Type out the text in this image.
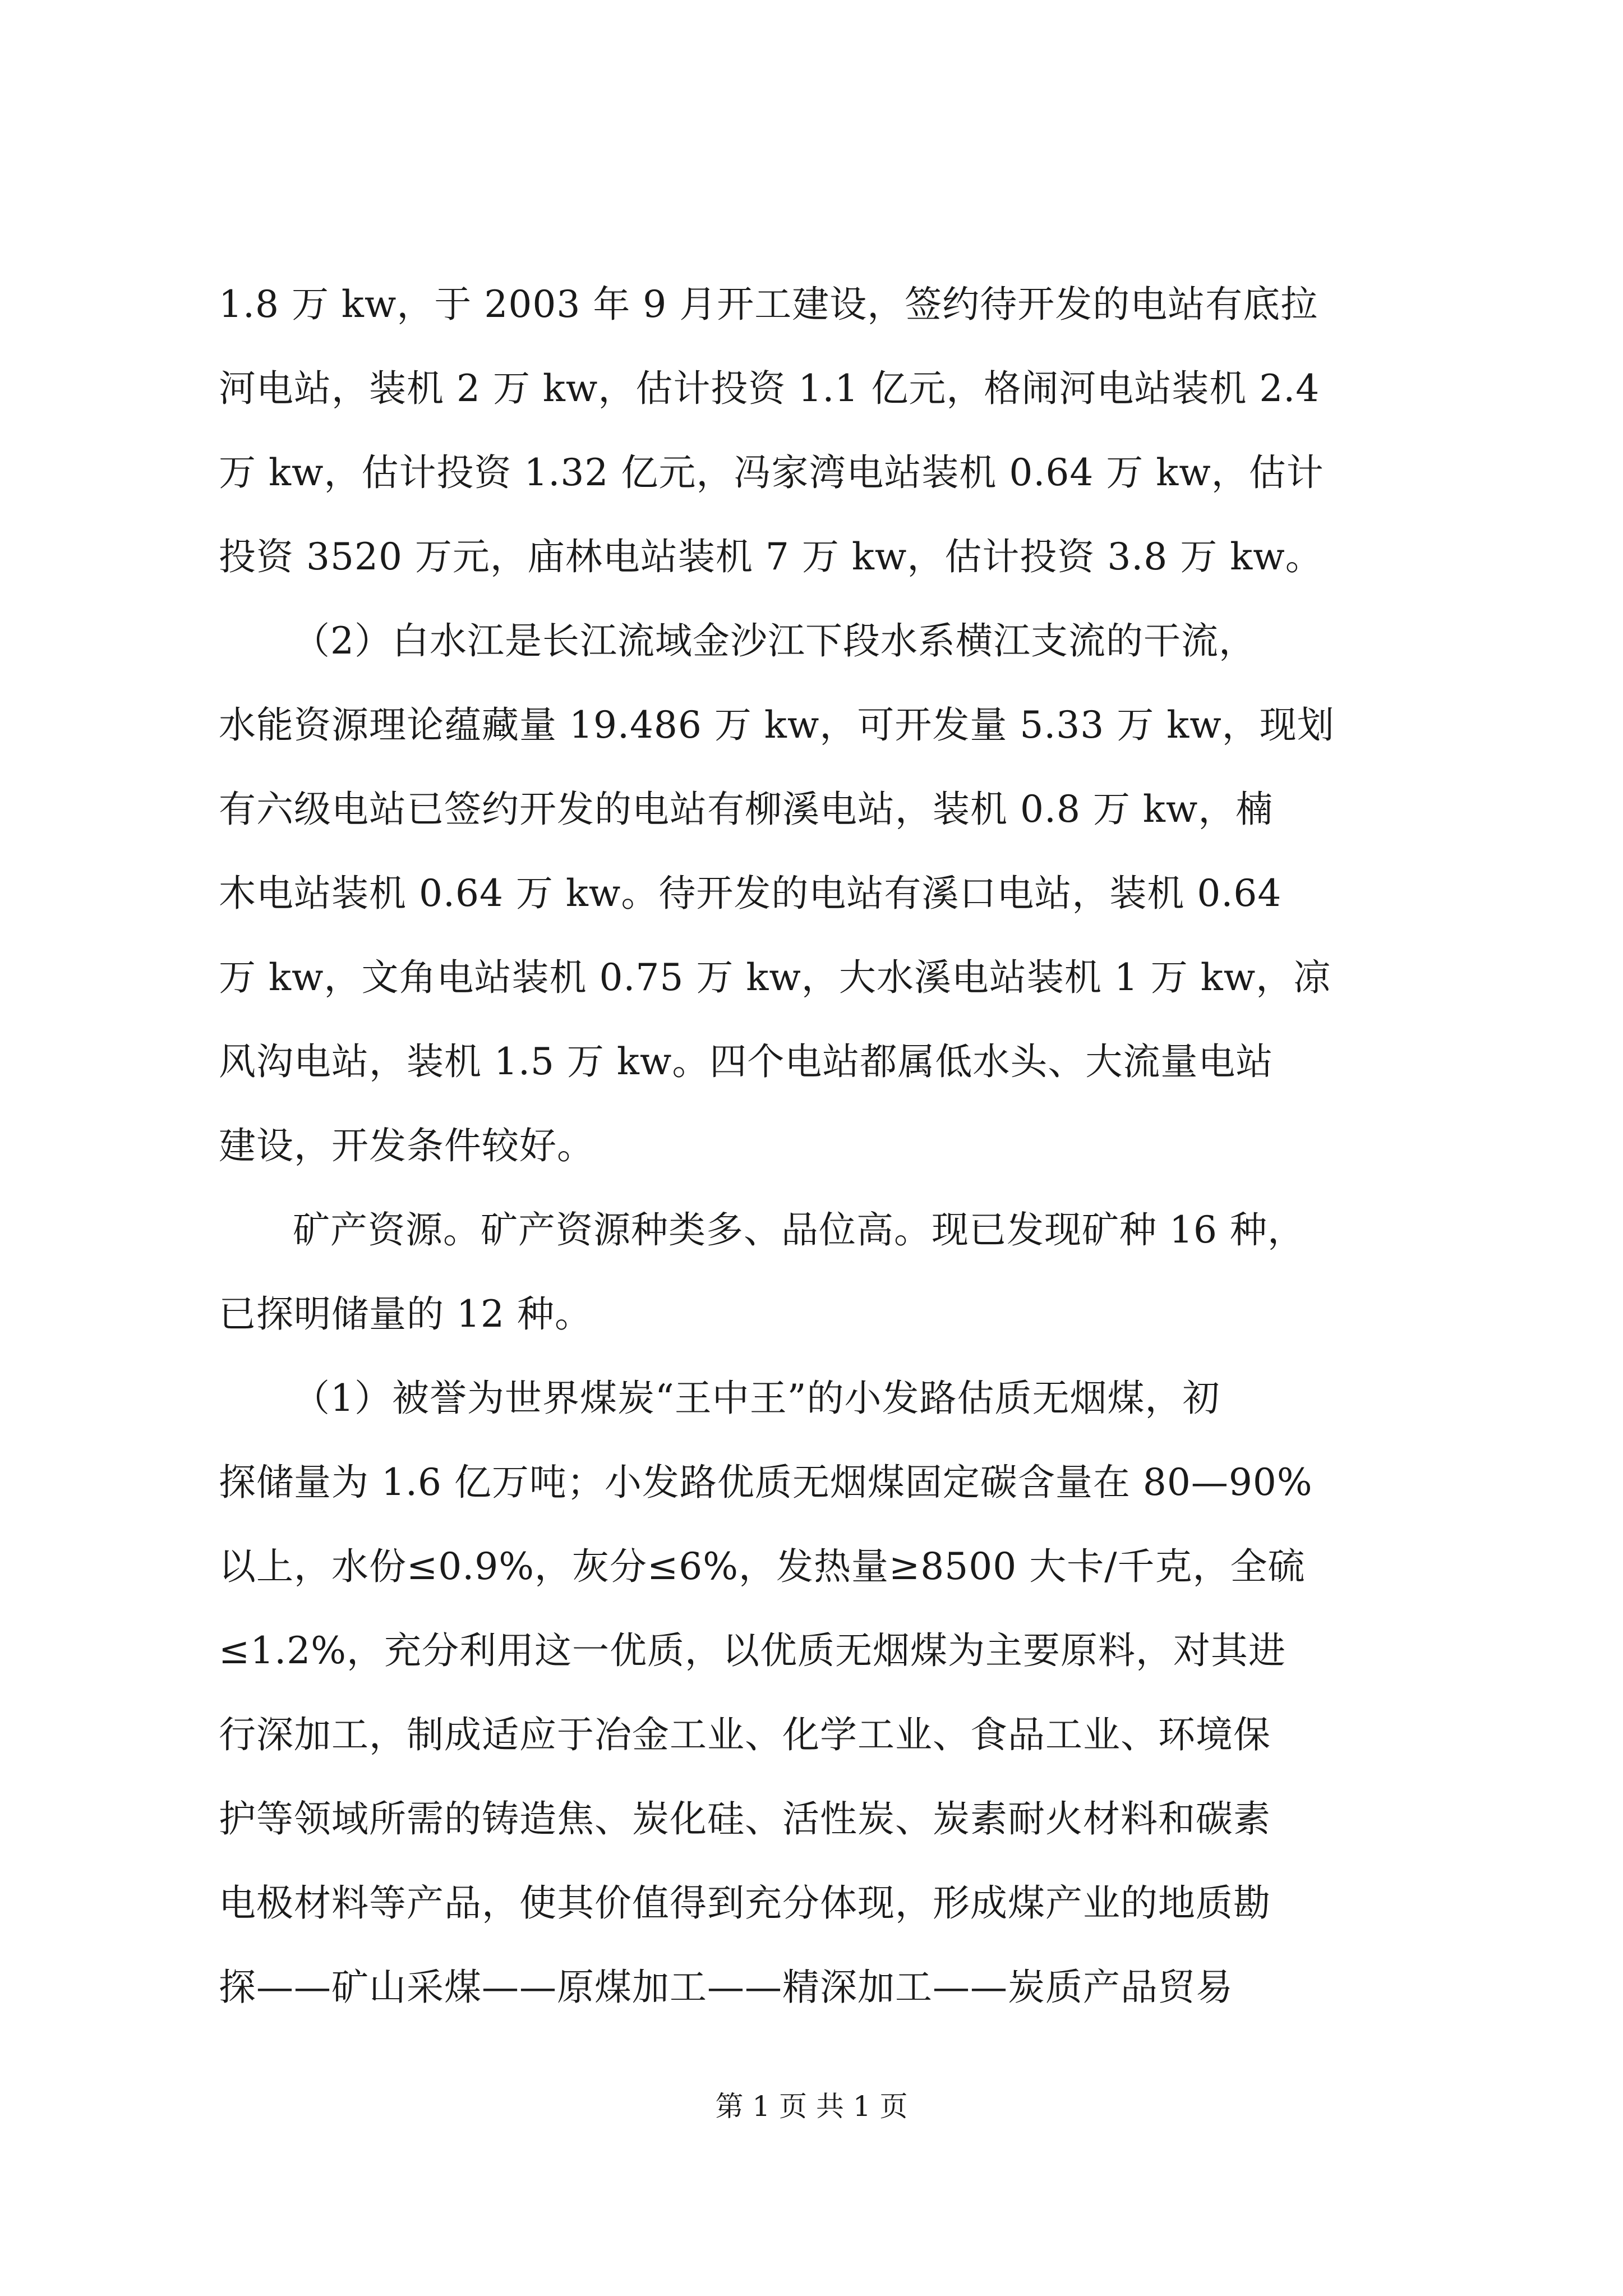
1.8 万 kw，于 2003 年 9 月开工建设，签约待开发的电站有底拉
河电站，装机 2 万 kw，估计投资 1.1 亿元，格闹河电站装机 2.4
万 kw，估计投资 1.32 亿元，冯家湾电站装机 0.64 万 kw，估计
投资 3520 万元，庙林电站装机 7 万 kw，估计投资 3.8 万 kw。
（2）白水江是长江流域金沙江下段水系横江支流的干流，
水能资源理论蕴藏量 19.486 万 kw，可开发量 5.33 万 kw，现划
有六级电站已签约开发的电站有柳溪电站，装机 0.8 万 kw，楠
木电站装机 0.64 万 kw。待开发的电站有溪口电站，装机 0.64
万 kw，文角电站装机 0.75 万 kw，大水溪电站装机 1 万 kw，凉
风沟电站，装机 1.5 万 kw。四个电站都属低水头、大流量电站
建设，开发条件较好。
矿产资源。矿产资源种类多、品位高。现已发现矿种 16 种，
已探明储量的 12 种。
（1）被誉为世界煤炭“王中王”的小发路估质无烟煤，初
探储量为 1.6 亿万吨；小发路优质无烟煤固定碳含量在 80—90%
以上，水份≤0.9%，灰分≤6%，发热量≥8500 大卡/千克，全硫
≤1.2%，充分利用这一优质，以优质无烟煤为主要原料，对其进
行深加工，制成适应于冶金工业、化学工业、食品工业、环境保
护等领域所需的铸造焦、炭化硅、活性炭、炭素耐火材料和碳素
电极材料等产品，使其价值得到充分体现，形成煤产业的地质勘
探——矿山采煤——原煤加工——精深加工——炭质产品贸易
第 1 页 共 1 页
